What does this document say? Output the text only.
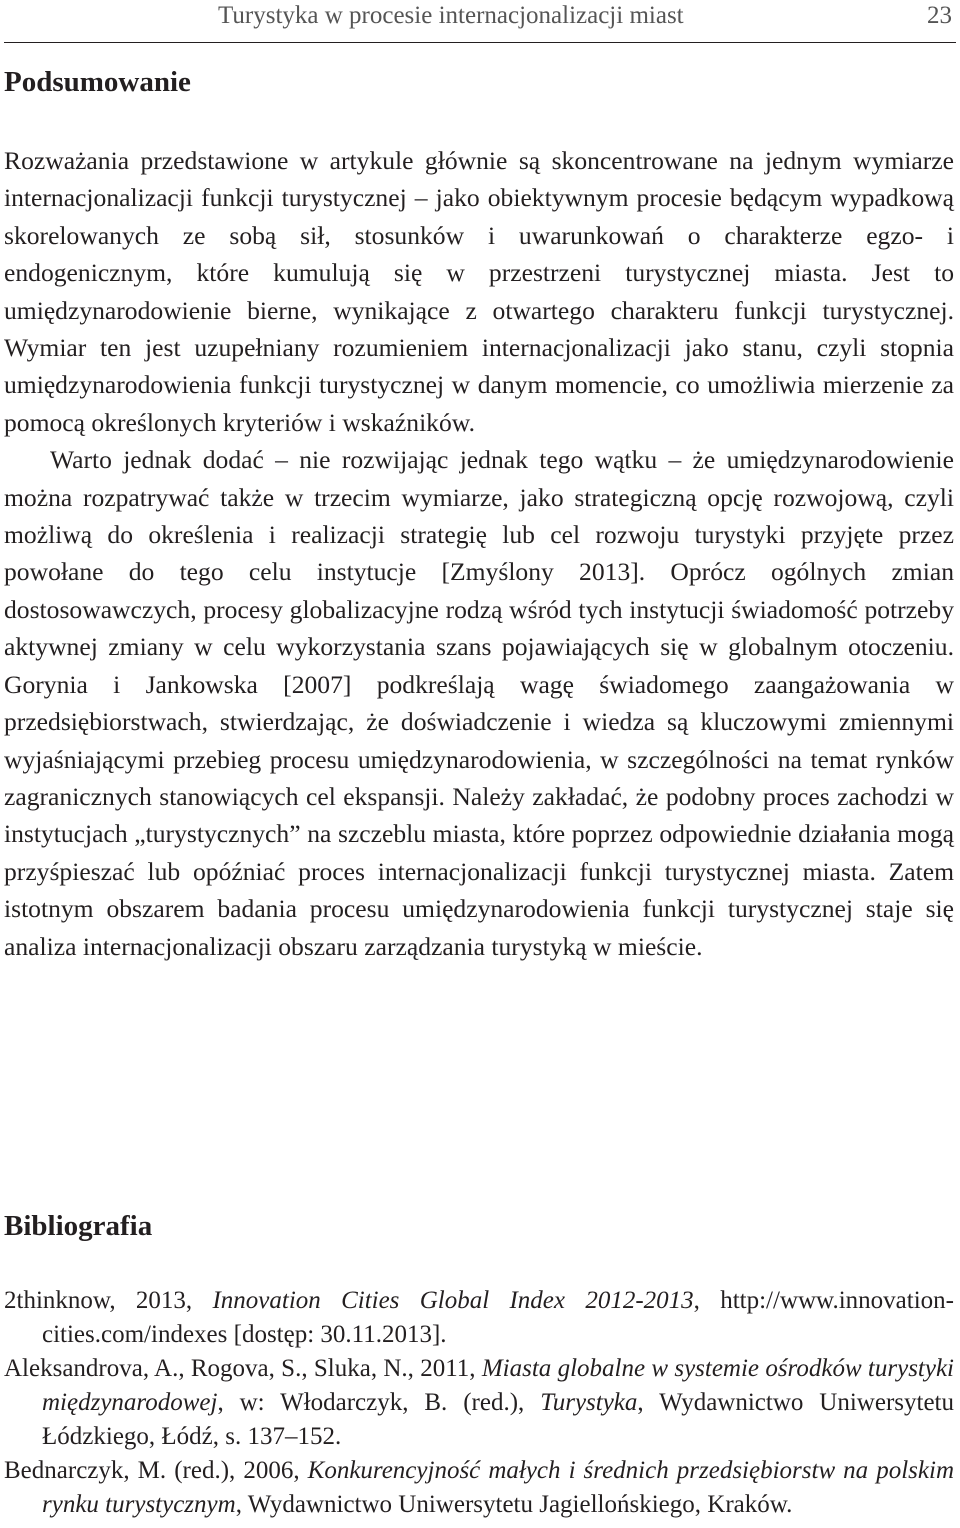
Turystyka w procesie internacjonalizacji miast	23
Podsumowanie

Rozważania przedstawione w artykule głównie są skoncentrowane na jednym wymiarze internacjonalizacji funkcji turystycznej – jako obiektywnym procesie będącym wypadkową skorelowanych ze sobą sił, stosunków i uwarunkowań o charakterze egzo- i endogenicznym, które kumulują się w przestrzeni turystycznej miasta. Jest to umiędzynarodowienie bierne, wynikające z otwartego charakteru funkcji turystycznej. Wymiar ten jest uzupełniany rozumieniem internacjonalizacji jako stanu, czyli stopnia umiędzynarodowienia funkcji turystycznej w danym momencie, co umożliwia mierzenie za pomocą określonych kryteriów i wskaźników.

Warto jednak dodać – nie rozwijając jednak tego wątku – że umiędzynarodowienie można rozpatrywać także w trzecim wymiarze, jako strategiczną opcję rozwojową, czyli możliwą do określenia i realizacji strategię lub cel rozwoju turystyki przyjęte przez powołane do tego celu instytucje [Zmyślony 2013]. Oprócz ogólnych zmian dostosowawczych, procesy globalizacyjne rodzą wśród tych instytucji świadomość potrzeby aktywnej zmiany w celu wykorzystania szans pojawiających się w globalnym otoczeniu. Gorynia i Jankowska [2007] podkreślają wagę świadomego zaangażowania w przedsiębiorstwach, stwierdzając, że doświadczenie i wiedza są kluczowymi zmiennymi wyjaśniającymi przebieg procesu umiędzynarodowienia, w szczególności na temat rynków zagranicznych stanowiących cel ekspansji. Należy zakładać, że podobny proces zachodzi w instytucjach „turystycznych” na szczeblu miasta, które poprzez odpowiednie działania mogą przyśpieszać lub opóźniać proces internacjonalizacji funkcji turystycznej miasta. Zatem istotnym obszarem badania procesu umiędzynarodowienia funkcji turystycznej staje się analiza internacjonalizacji obszaru zarządzania turystyką w mieście.

Bibliografia

2thinknow, 2013, Innovation Cities Global Index 2012-2013, http://www.innovation-cities.com/indexes [dostęp: 30.11.2013].

Aleksandrova, A., Rogova, S., Sluka, N., 2011, Miasta globalne w systemie ośrodków turystyki międzynarodowej, w: Włodarczyk, B. (red.), Turystyka, Wydawnictwo Uniwersytetu Łódzkiego, Łódź, s. 137–152.

Bednarczyk, M. (red.), 2006, Konkurencyjność małych i średnich przedsiębiorstw na polskim rynku turystycznym, Wydawnictwo Uniwersytetu Jagiellońskiego, Kraków.
